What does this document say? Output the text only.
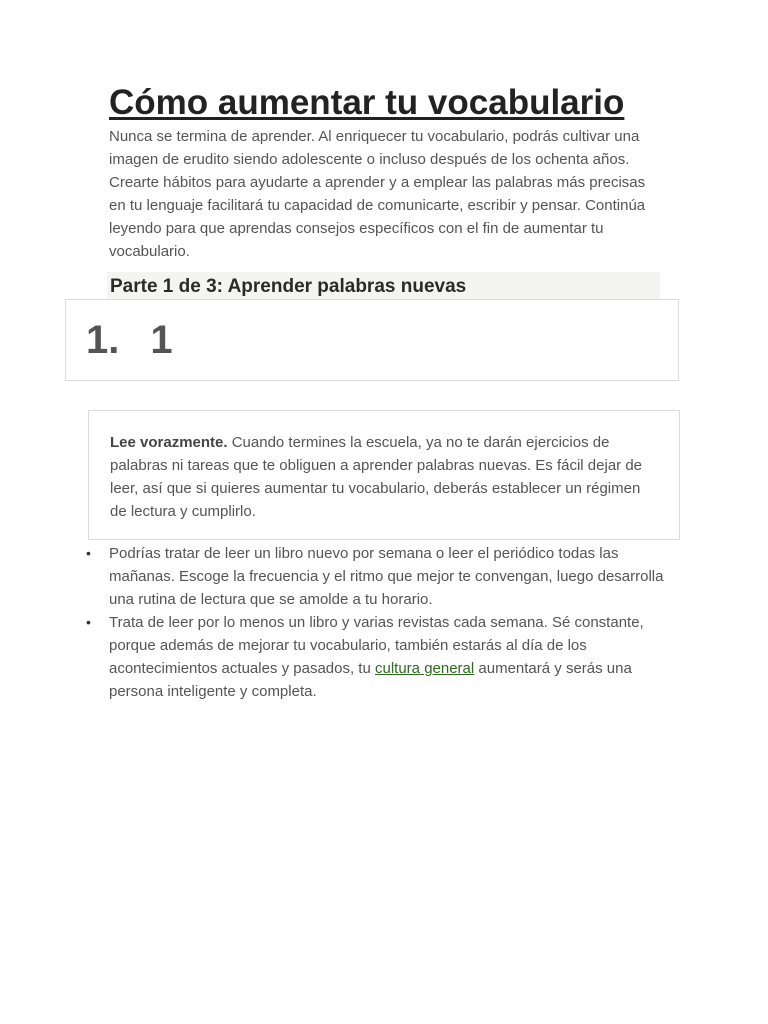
Cómo aumentar tu vocabulario

Nunca se termina de aprender. Al enriquecer tu vocabulario, podrás cultivar una imagen de erudito siendo adolescente o incluso después de los ochenta años. Crearte hábitos para ayudarte a aprender y a emplear las palabras más precisas en tu lenguaje facilitará tu capacidad de comunicarte, escribir y pensar. Continúa leyendo para que aprendas consejos específicos con el fin de aumentar tu vocabulario.

Parte 1 de 3: Aprender palabras nuevas
1. 1

Lee vorazmente. Cuando termines la escuela, ya no te darán ejercicios de palabras ni tareas que te obliguen a aprender palabras nuevas. Es fácil dejar de leer, así que si quieres aumentar tu vocabulario, deberás establecer un régimen de lectura y cumplirlo.

• Podrías tratar de leer un libro nuevo por semana o leer el periódico todas las mañanas. Escoge la frecuencia y el ritmo que mejor te convengan, luego desarrolla una rutina de lectura que se amolde a tu horario.
• Trata de leer por lo menos un libro y varias revistas cada semana. Sé constante, porque además de mejorar tu vocabulario, también estarás al día de los acontecimientos actuales y pasados, tu cultura general aumentará y serás una persona inteligente y completa.
